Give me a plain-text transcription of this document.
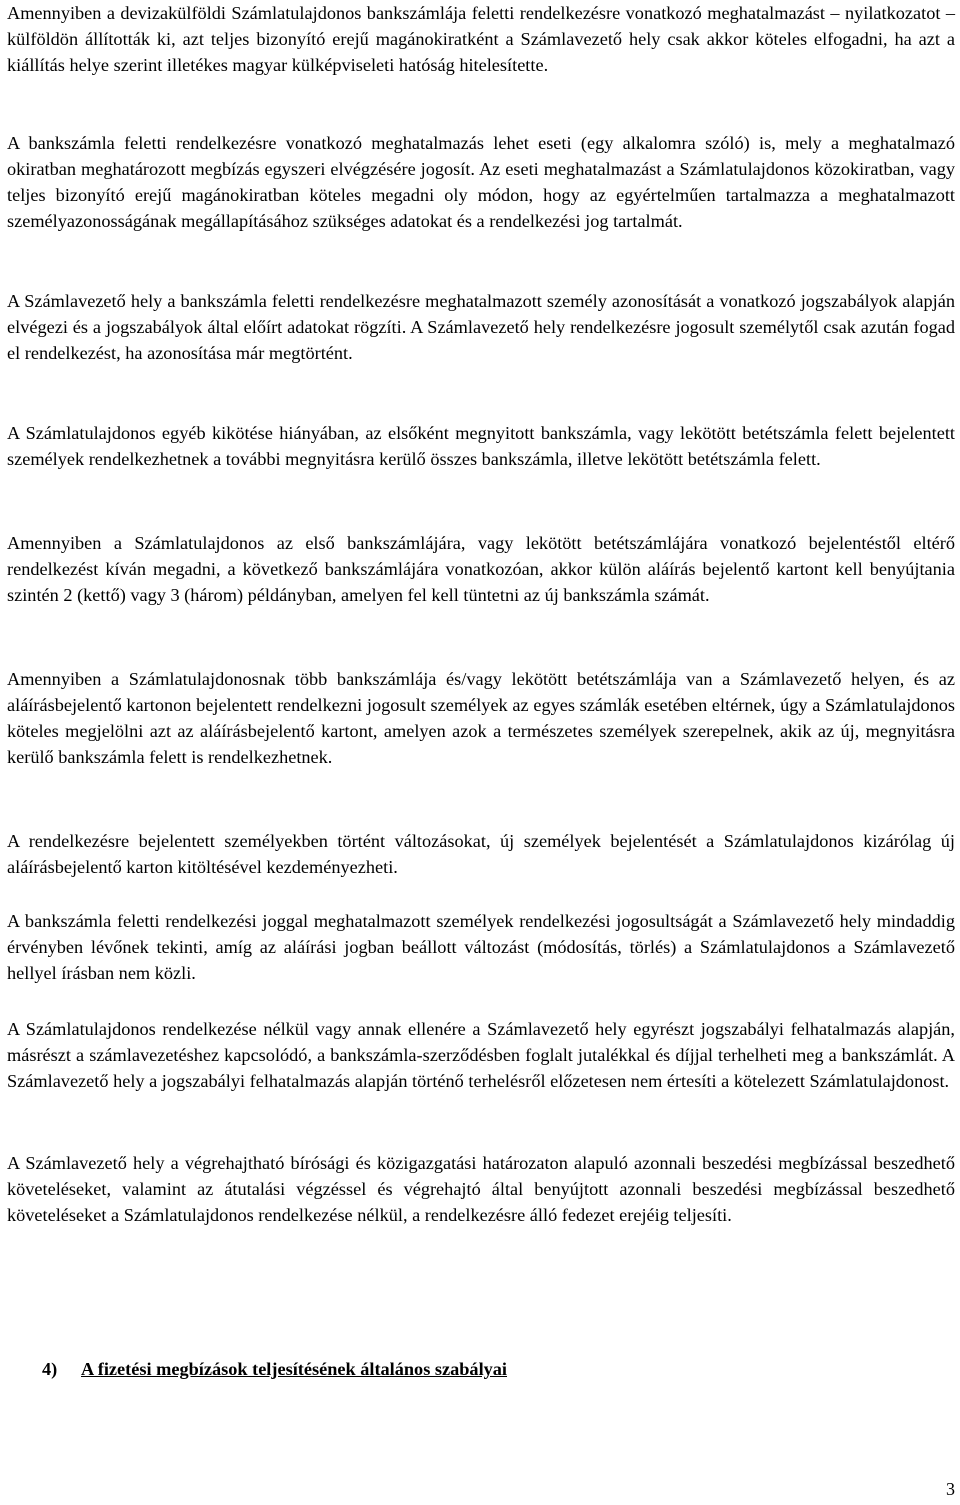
Amennyiben a devizakülföldi Számlatulajdonos bankszámlája feletti rendelkezésre vonatkozó meghatalmazást – nyilatkozatot – külföldön állították ki, azt teljes bizonyító erejű magánokiratként a Számlavezető hely csak akkor köteles elfogadni, ha azt a kiállítás helye szerint illetékes magyar külképviseleti hatóság hitelesítette.

A bankszámla feletti rendelkezésre vonatkozó meghatalmazás lehet eseti (egy alkalomra szóló) is, mely a meghatalmazó okiratban meghatározott megbízás egyszeri elvégzésére jogosít. Az eseti meghatalmazást a Számlatulajdonos közokiratban, vagy teljes bizonyító erejű magánokiratban köteles megadni oly módon, hogy az egyértelműen tartalmazza a meghatalmazott személyazonosságának megállapításához szükséges adatokat és a rendelkezési jog tartalmát.

A Számlavezető hely a bankszámla feletti rendelkezésre meghatalmazott személy azonosítását a vonatkozó jogszabályok alapján elvégezi és a jogszabályok által előírt adatokat rögzíti. A Számlavezető hely rendelkezésre jogosult személytől csak azután fogad el rendelkezést, ha azonosítása már megtörtént.

A Számlatulajdonos egyéb kikötése hiányában, az elsőként megnyitott bankszámla, vagy lekötött betétszámla felett bejelentett személyek rendelkezhetnek a további megnyitásra kerülő összes bankszámla, illetve lekötött betétszámla felett.

Amennyiben a Számlatulajdonos az első bankszámlájára, vagy lekötött betétszámlájára vonatkozó bejelentéstől eltérő rendelkezést kíván megadni, a következő bankszámlájára vonatkozóan, akkor külön aláírás bejelentő kartont kell benyújtania szintén 2 (kettő) vagy 3 (három) példányban, amelyen fel kell tüntetni az új bankszámla számát.

Amennyiben a Számlatulajdonosnak több bankszámlája és/vagy lekötött betétszámlája van a Számlavezető helyen, és az aláírásbejelentő kartonon bejelentett rendelkezni jogosult személyek az egyes számlák esetében eltérnek, úgy a Számlatulajdonos köteles megjelölni azt az aláírásbejelentő kartont, amelyen azok a természetes személyek szerepelnek, akik az új, megnyitásra kerülő bankszámla felett is rendelkezhetnek.

A rendelkezésre bejelentett személyekben történt változásokat, új személyek bejelentését a Számlatulajdonos kizárólag új aláírásbejelentő karton kitöltésével kezdeményezheti.

A bankszámla feletti rendelkezési joggal meghatalmazott személyek rendelkezési jogosultságát a Számlavezető hely mindaddig érvényben lévőnek tekinti, amíg az aláírási jogban beállott változást (módosítás, törlés) a Számlatulajdonos a Számlavezető hellyel írásban nem közli.

A Számlatulajdonos rendelkezése nélkül vagy annak ellenére a Számlavezető hely egyrészt jogszabályi felhatalmazás alapján, másrészt a számlavezetéshez kapcsolódó, a bankszámla-szerződésben foglalt jutalékkal és díjjal terhelheti meg a bankszámlát. A Számlavezető hely a jogszabályi felhatalmazás alapján történő terhelésről előzetesen nem értesíti a kötelezett Számlatulajdonost.

A Számlavezető hely a végrehajtható bírósági és közigazgatási határozaton alapuló azonnali beszedési megbízással beszedhető követeléseket, valamint az átutalási végzéssel és végrehajtó által benyújtott azonnali beszedési megbízással beszedhető követeléseket a Számlatulajdonos rendelkezése nélkül, a rendelkezésre álló fedezet erejéig teljesíti.

4) A fizetési megbízások teljesítésének általános szabályai
3
